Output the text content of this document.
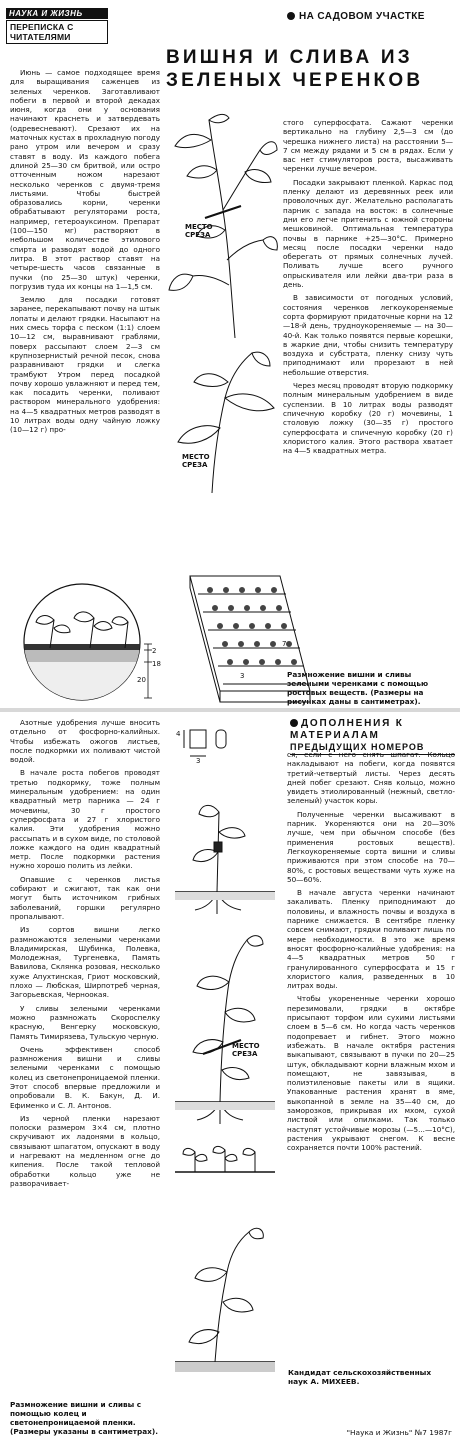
НАУКА И ЖИЗНЬ
ПЕРЕПИСКА С ЧИТАТЕЛЯМИ
НА САДОВОМ УЧАСТКЕ
ВИШНЯ И СЛИВА ИЗ ЗЕЛЕНЫХ ЧЕРЕНКОВ

Июнь — самое подходящее время для выращивания саженцев из зеленых черенков. Заготавливают побеги в первой и второй декадах июня, когда они у основания начинают краснеть и затвердевать (одревесневают). Срезают их на маточных кустах в прохладную погоду рано утром или вечером и сразу ставят в воду. Из каждого побега длиной 25—30 см бритвой, или остро отточенным ножом нарезают несколько черенков с двумя-тремя листьями. Чтобы быстрей образовались корни, черенки обрабатывают регуляторами роста, например, гетероауксином. Препарат (100—150 мг) растворяют в небольшом количестве этилового спирта и разводят водой до одного литра. В этот раствор ставят на четыре-шесть часов связанные в пучки (по 25—30 штук) черенки, погрузив туда их концы на 1—1,5 см.

Землю для посадки готовят заранее, перекапывают почву на штык лопаты и делают грядки. Насыпают на них смесь торфа с песком (1:1) слоем 10—12 см, выравнивают граблями, поверх рассыпают слоем 2—3 см крупнозернистый речной песок, снова разравнивают грядки и слегка трамбуют Утром перед посадкой почву хорошо увлажняют и перед тем, как посадить черенки, поливают раствором минерального удобрения: на 4—5 квадратных метров разводят в 10 литрах воды одну чайную ложку (10—12 г) про-

стого суперфосфата. Сажают черенки вертикально на глубину 2,5—3 см (до черешка нижнего листа) на расстоянии 5—7 см между рядами и 5 см в рядах. Если у вас нет стимуляторов роста, высаживать черенки лучше вечером.

Посадки закрывают пленкой. Каркас под пленку делают из деревянных реек или проволочных дуг. Желательно располагать парник с запада на восток: в солнечные дни его легче притенить с южной стороны мешковиной. Оптимальная температура почвы в парнике +25—30°С. Примерно месяц после посадки черенки надо оберегать от прямых солнечных лучей. Поливать лучше всего ручного опрыскивателя или лейки два-три раза в день.

В зависимости от погодных условий, состояния черенков легкоукореняемые сорта формируют придаточные корни на 12—18-й день, трудноукореняемые — на 30—40-й. Как только появятся первые корешки, в жаркие дни, чтобы снизить температуру воздуха и субстрата, пленку снизу чуть приподнимают или прорезают в ней небольшие отверстия.

Через месяц проводят вторую подкормку полным минеральным удобрением в виде суспензии. В 10 литрах воды разводят спичечную коробку (20 г) мочевины, 1 столовую ложку (30—35 г) простого суперфосфата и спичечную коробку (20 г) хлористого калия. Этого раствора хватает на 4—5 квадратных метра.

МЕСТО СРЕЗА
МЕСТО СРЕЗА
18
2
20	3
7
Размножение вишни и сливы зелеными черенками с помощью ростовых веществ. (Размеры на рисунках даны в сантиметрах).
ДОПОЛНЕНИЯ К МАТЕРИАЛАМ
ПРЕДЫДУЩИХ НОМЕРОВ

Азотные удобрения лучше вносить отдельно от фосфорно-калийных. Чтобы избежать ожогов листьев, после подкормки их поливают чистой водой.

В начале роста побегов проводят третью подкормку, тоже полным минеральным удобрением: на один квадратный метр парника — 24 г мочевины, 30 г простого суперфосфата и 27 г хлористого калия. Эти удобрения можно рассыпать и в сухом виде, по столовой ложке каждого на один квадратный метр. После подкормки растения нужно хорошо полить из лейки.

Опавшие с черенков листья собирают и сжигают, так как они могут быть источником грибных заболеваний, горшки регулярно пропалывают.

Из сортов вишни легко размножаются зелеными черенками Владимирская, Шубинка, Полевка, Молодежная, Тургеневка, Память Вавилова, Склянка розовая, несколько хуже Апухтинская, Гриот московский, плохо — Любская, Ширпотреб черная, Загорьевская, Черноокая.

У сливы зелеными черенками можно размножать Скороспелку красную, Венгерку московскую, Память Тимирязева, Тульскую черную.

Очень эффективен способ размножения вишни и сливы зелеными черенками с помощью колец из светонепроницаемой пленки. Этот способ впервые предложили и опробовали В. К. Бакун, Д. И. Ефименко и С. Л. Антонов.

Из черной пленки нарезают полоски размером 3×4 см, плотно скручивают их ладонями в кольцо, связывают шпагатом, опускают в воду и нагревают на медленном огне до кипения. После такой тепловой обработки кольцо уже не разворачивает-

4
3

ся, если с него снять шпагат. Кольцо накладывают на побеги, когда появятся третий-четвертый листы. Через десять дней побег срезают. Сняв кольцо, можно увидеть этиолированный (нежный, светло-зеленый) участок коры.

Полученные черенки высаживают в парник. Укореняются они на 20—30% лучше, чем при обычном способе (без применения ростовых веществ). Легкоукореняемые сорта вишни и сливы приживаются при этом способе на 70—80%, с ростовых веществами чуть хуже на 50—60%.

В начале августа черенки начинают закаливать. Пленку приподнимают до половины, и влажность почвы и воздуха в парнике снижается. В сентябре пленку совсем снимают, грядки поливают лишь по мере необходимости. В это же время вносят фосфорно-калийные удобрения: на 4—5 квадратных метров 50 г гранулированного суперфосфата и 15 г хлористого калия, разведенных в 10 литрах воды.

Чтобы укорененные черенки хорошо перезимовали, грядки в октябре присыпают торфом или сухими листьями слоем в 5—6 см. Но когда часть черенков подопревает и гибнет. Этого можно избежать. В начале октября растения выкапывают, связывают в пучки по 20—25 штук, обкладывают корни влажным мхом и помещают, не завязывая, в полиэтиленовые пакеты или в ящики. Упакованные растения хранят в яме, выкопанной в земле на 35—40 см, до заморозков, прикрывая их мхом, сухой листвой или опилками. Так только наступят устойчивые морозы (—5...—10°С), растения укрывают снегом. К весне сохраняется почти 100% растений.

МЕСТО СРЕЗА
Размножение вишни и сливы с помощью колец и светонепроницаемой пленки. (Размеры указаны в сантиметрах).
Кандидат сельскохозяйственных наук А. МИХЕЕВ.
"Наука и Жизнь" №7 1987г
